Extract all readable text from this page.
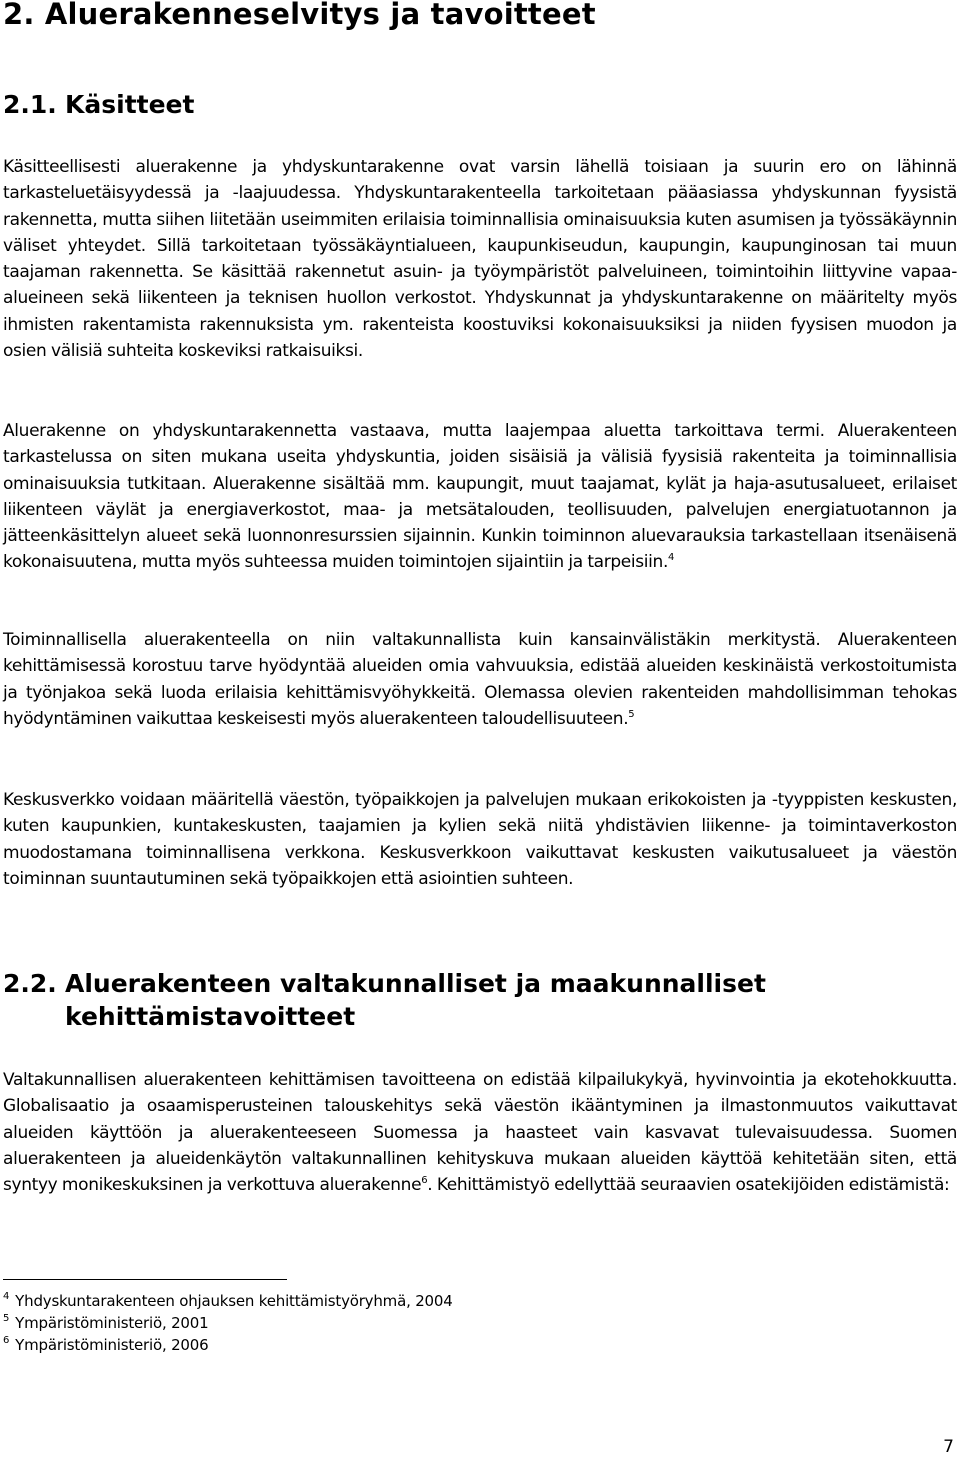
2. Aluerakenneselvitys ja tavoitteet
2.1. Käsitteet

Käsitteellisesti aluerakenne ja yhdyskuntarakenne ovat varsin lähellä toisiaan ja suurin ero on lähinnä tarkasteluetäisyydessä ja -laajuudessa. Yhdyskuntarakenteella tarkoitetaan pääasiassa yhdyskunnan fyysistä rakennetta, mutta siihen liitetään useimmiten erilaisia toiminnallisia ominaisuuksia kuten asumisen ja työssäkäynnin väliset yhteydet. Sillä tarkoitetaan työssäkäyntialueen, kaupunkiseudun, kaupungin, kaupunginosan tai muun taajaman rakennetta. Se käsittää rakennetut asuin- ja työympäristöt palveluineen, toimintoihin liittyvine vapaa-alueineen sekä liikenteen ja teknisen huollon verkostot. Yhdyskunnat ja yhdyskuntarakenne on määritelty myös ihmisten rakentamista rakennuksista ym. rakenteista koostuviksi kokonaisuuksiksi ja niiden fyysisen muodon ja osien välisiä suhteita koskeviksi ratkaisuiksi.

Aluerakenne on yhdyskuntarakennetta vastaava, mutta laajempaa aluetta tarkoittava termi. Aluerakenteen tarkastelussa on siten mukana useita yhdyskuntia, joiden sisäisiä ja välisiä fyysisiä rakenteita ja toiminnallisia ominaisuuksia tutkitaan. Aluerakenne sisältää mm. kaupungit, muut taajamat, kylät ja haja-asutusalueet, erilaiset liikenteen väylät ja energiaverkostot, maa- ja metsätalouden, teollisuuden, palvelujen energiatuotannon ja jätteenkäsittelyn alueet sekä luonnonresurssien sijainnin. Kunkin toiminnon aluevarauksia tarkastellaan itsenäisenä kokonaisuutena, mutta myös suhteessa muiden toimintojen sijaintiin ja tarpeisiin.$^4$

Toiminnallisella aluerakenteella on niin valtakunnallista kuin kansainvälistäkin merkitystä. Aluerakenteen kehittämisessä korostuu tarve hyödyntää alueiden omia vahvuuksia, edistää alueiden keskinäistä verkostoitumista ja työnjakoa sekä luoda erilaisia kehittämisvyöhykkeitä. Olemassa olevien rakenteiden mahdollisimman tehokas hyödyntäminen vaikuttaa keskeisesti myös aluerakenteen taloudellisuuteen.$^5$

Keskusverkko voidaan määritellä väestön, työpaikkojen ja palvelujen mukaan erikokoisten ja -tyyppisten keskusten, kuten kaupunkien, kuntakeskusten, taajamien ja kylien sekä niitä yhdistävien liikenne- ja toimintaverkoston muodostamana toiminnallisena verkkona. Keskusverkkoon vaikuttavat keskusten vaikutusalueet ja väestön toiminnan suuntautuminen sekä työpaikkojen että asiointien suhteen.

2.2. Aluerakenteen valtakunnalliset ja maakunnalliset kehittämistavoitteet

Valtakunnallisen aluerakenteen kehittämisen tavoitteena on edistää kilpailukykyä, hyvinvointia ja ekotehokkuutta. Globalisaatio ja osaamisperusteinen talouskehitys sekä väestön ikääntyminen ja ilmastonmuutos vaikuttavat alueiden käyttöön ja aluerakenteeseen Suomessa ja haasteet vain kasvavat tulevaisuudessa. Suomen aluerakenteen ja alueidenkäytön valtakunnallinen kehityskuva mukaan alueiden käyttöä kehitetään siten, että syntyy monikeskuksinen ja verkottuva aluerakenne$^6$. Kehittämistyö edellyttää seuraavien osatekijöiden edistämistä:

$^4$ Yhdyskuntarakenteen ohjauksen kehittämistyöryhmä, 2004
$^5$ Ympäristöministeriö, 2001
$^6$ Ympäristöministeriö, 2006
7
